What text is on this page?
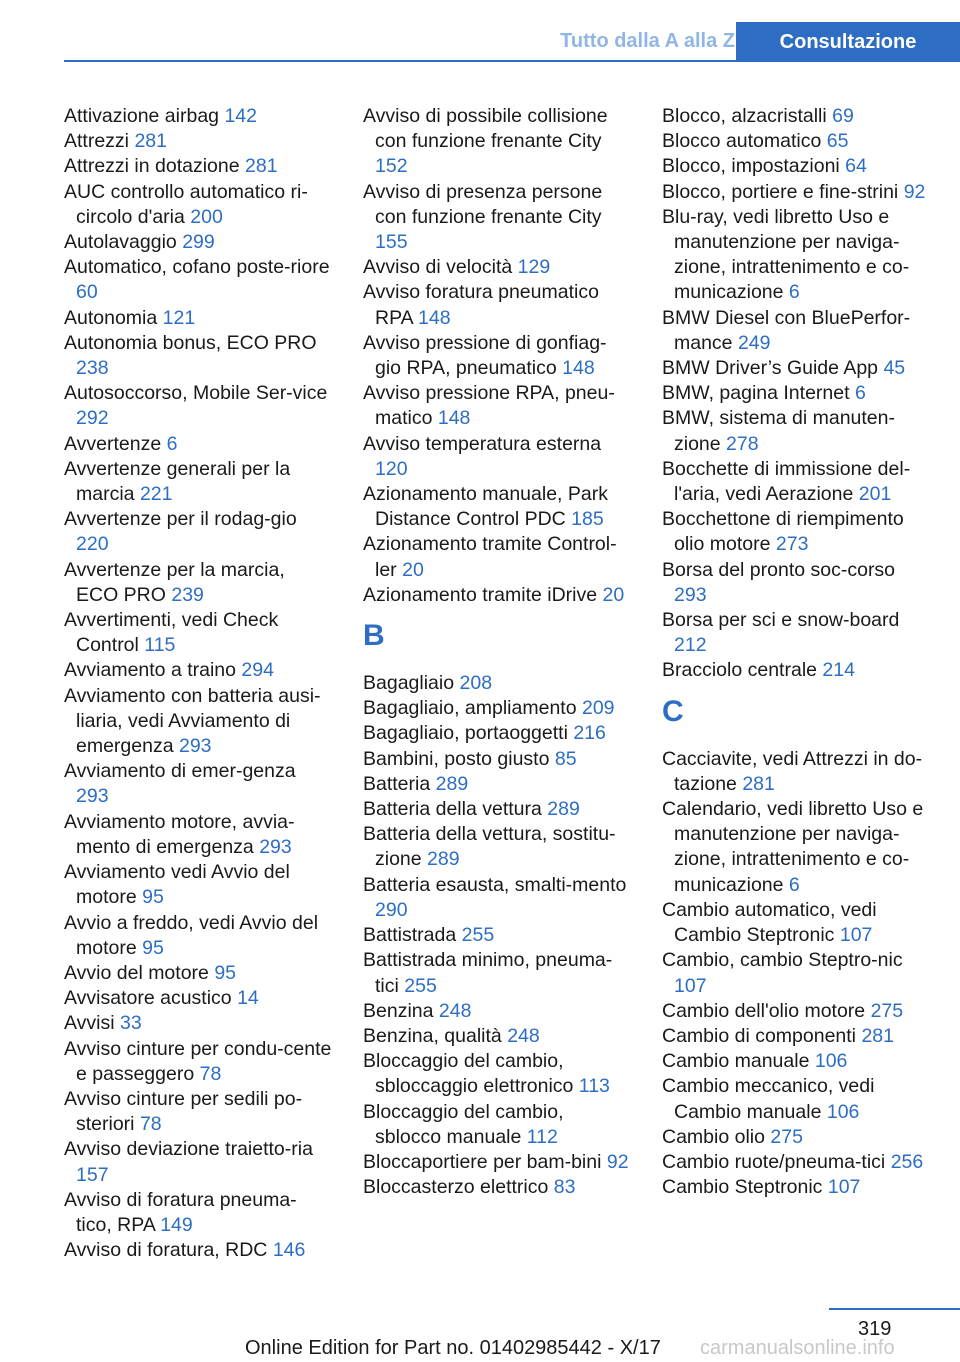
Tutto dalla A alla Z	Consultazione

Attivazione airbag 142

Attrezzi 281

Attrezzi in dotazione 281

AUC controllo automatico ri-circolo d'aria 200

Autolavaggio 299

Automatico, cofano poste-riore 60

Autonomia 121

Autonomia bonus, ECO PRO 238

Autosoccorso, Mobile Ser-vice 292

Avvertenze 6

Avvertenze generali per la marcia 221

Avvertenze per il rodag-gio 220

Avvertenze per la marcia, ECO PRO 239

Avvertimenti, vedi Check Control 115

Avviamento a traino 294

Avviamento con batteria ausi-liaria, vedi Avviamento di emergenza 293

Avviamento di emer-genza 293

Avviamento motore, avvia-mento di emergenza 293

Avviamento vedi Avvio del motore 95

Avvio a freddo, vedi Avvio del motore 95

Avvio del motore 95

Avvisatore acustico 14

Avvisi 33

Avviso cinture per condu-cente e passeggero 78

Avviso cinture per sedili po-steriori 78

Avviso deviazione traietto-ria 157

Avviso di foratura pneuma-tico, RPA 149

Avviso di foratura, RDC 146

Avviso di possibile collisione con funzione frenante City 152

Avviso di presenza persone con funzione frenante City 155

Avviso di velocità 129

Avviso foratura pneumatico RPA 148

Avviso pressione di gonfiag-gio RPA, pneumatico 148

Avviso pressione RPA, pneu-matico 148

Avviso temperatura esterna 120

Azionamento manuale, Park Distance Control PDC 185

Azionamento tramite Control-ler 20

Azionamento tramite iDrive 20

B

Bagagliaio 208

Bagagliaio, ampliamento 209

Bagagliaio, portaoggetti 216

Bambini, posto giusto 85

Batteria 289

Batteria della vettura 289

Batteria della vettura, sostitu-zione 289

Batteria esausta, smalti-mento 290

Battistrada 255

Battistrada minimo, pneuma-tici 255

Benzina 248

Benzina, qualità 248

Bloccaggio del cambio, sbloccaggio elettronico 113

Bloccaggio del cambio, sblocco manuale 112

Bloccaportiere per bam-bini 92

Bloccasterzo elettrico 83

Blocco, alzacristalli 69

Blocco automatico 65

Blocco, impostazioni 64

Blocco, portiere e fine-strini 92

Blu-ray, vedi libretto Uso e manutenzione per naviga-zione, intrattenimento e co-municazione 6

BMW Diesel con BluePerfor-mance 249

BMW Driver’s Guide App 45

BMW, pagina Internet 6

BMW, sistema di manuten-zione 278

Bocchette di immissione del-l'aria, vedi Aerazione 201

Bocchettone di riempimento olio motore 273

Borsa del pronto soc-corso 293

Borsa per sci e snow-board 212

Bracciolo centrale 214

C

Cacciavite, vedi Attrezzi in do-tazione 281

Calendario, vedi libretto Uso e manutenzione per naviga-zione, intrattenimento e co-municazione 6

Cambio automatico, vedi Cambio Steptronic 107

Cambio, cambio Steptro-nic 107

Cambio dell'olio motore 275

Cambio di componenti 281

Cambio manuale 106

Cambio meccanico, vedi Cambio manuale 106

Cambio olio 275

Cambio ruote/pneuma-tici 256

Cambio Steptronic 107

319
Online Edition for Part no. 01402985442 - X/17 carmanualsonline.info
